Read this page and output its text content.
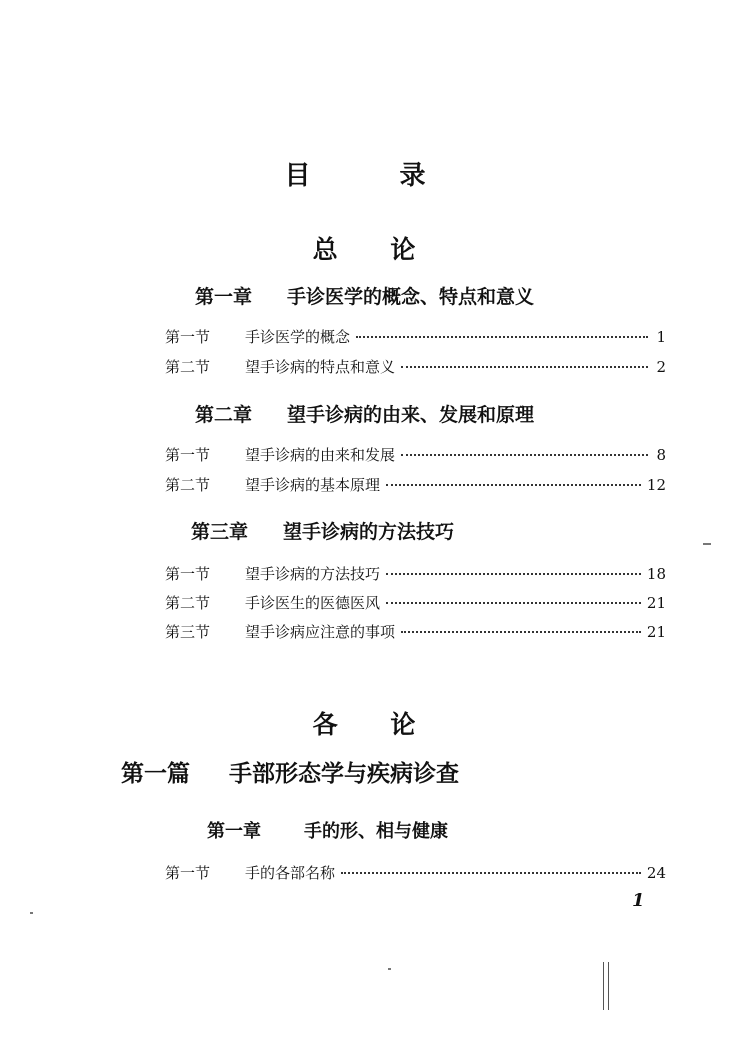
目 录
总 论
第一章 手诊医学的概念、特点和意义
第一节	手诊医学的概念	1
第二节	望手诊病的特点和意义	2
第二章 望手诊病的由来、发展和原理
第一节	望手诊病的由来和发展	8
第二节	望手诊病的基本原理	12
第三章 望手诊病的方法技巧
第一节	望手诊病的方法技巧	18
第二节	手诊医生的医德医风	21
第三节	望手诊病应注意的事项	21
各 论
第一篇 手部形态学与疾病诊查
第一章 手的形、相与健康
第一节	手的各部名称	24
1
